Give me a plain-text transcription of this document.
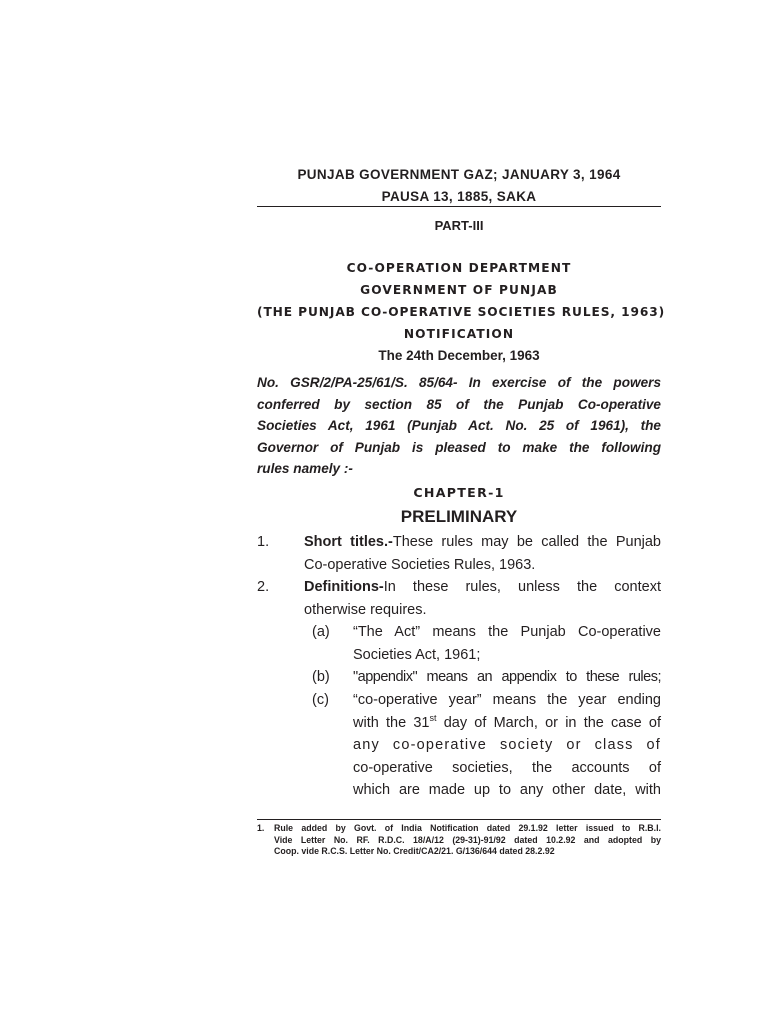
PUNJAB GOVERNMENT GAZ; JANUARY 3, 1964
PAUSA 13, 1885, SAKA
PART-III
CO-OPERATION DEPARTMENT
GOVERNMENT OF PUNJAB
(THE PUNJAB CO-OPERATIVE SOCIETIES RULES, 1963)
NOTIFICATION
The 24th December, 1963
No. GSR/2/PA-25/61/S. 85/64- In exercise of the powers
conferred by section 85 of the Punjab Co-operative
Societies Act, 1961 (Punjab Act. No. 25 of 1961), the
Governor of Punjab is pleased to make the following
rules namely :-
CHAPTER-1
PRELIMINARY
1. Short titles.-These rules may be called the Punjab
Co-operative Societies Rules, 1963.
2. Definitions-In these rules, unless the context
otherwise requires.
(a) “The Act” means the Punjab Co-operative
Societies Act, 1961;
(b) "appendix" means an appendix to these rules;
(c) “co-operative year” means the year ending
with the 31st day of March, or in the case of
any co-operative society or class of
co-operative societies, the accounts of
which are made up to any other date, with
1. Rule added by Govt. of India Notification dated 29.1.92 letter issued to R.B.I.
Vide Letter No. RF. R.D.C. 18/A/12 (29-31)-91/92 dated 10.2.92 and adopted by
Coop. vide R.C.S. Letter No. Credit/CA2/21. G/136/644 dated 28.2.92
